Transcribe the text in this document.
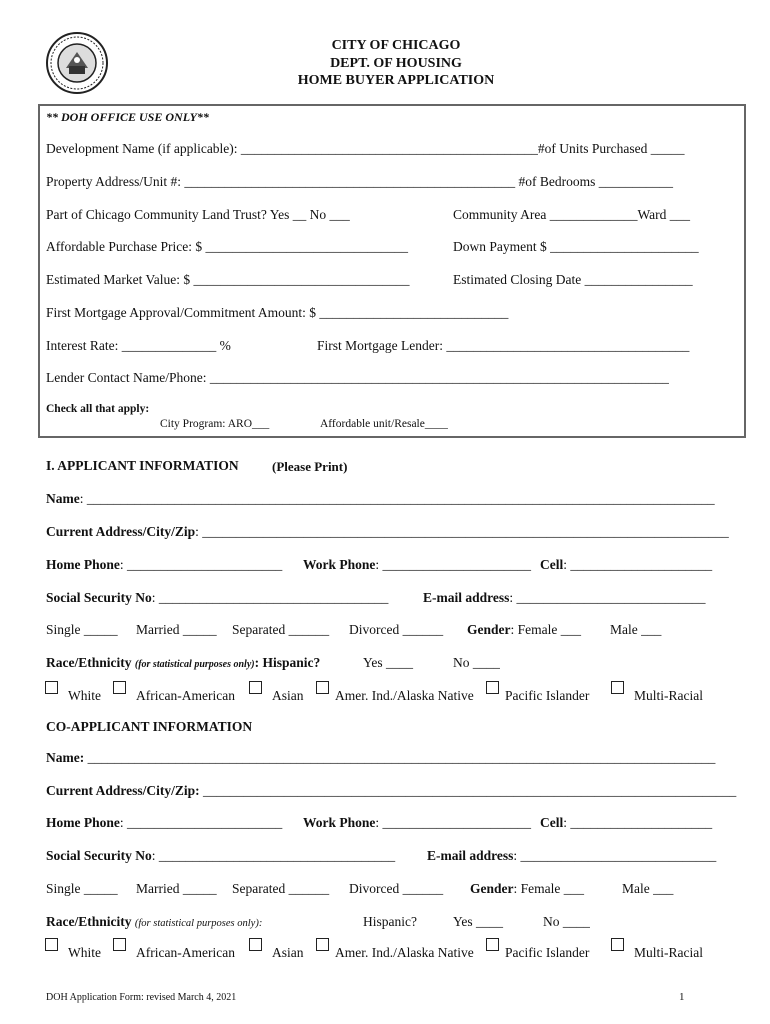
CITY OF CHICAGO
DEPT. OF HOUSING
HOME BUYER APPLICATION
** DOH OFFICE USE ONLY**
Development Name (if applicable): ____________________________________________#of Units Purchased _____
Property Address/Unit #: _________________________________________________ #of Bedrooms ___________
Part of Chicago Community Land Trust? Yes __ No ___	Community Area _____________Ward ___
Affordable Purchase Price: $ ______________________________	Down Payment $ ______________________
Estimated Market Value: $ ________________________________	Estimated Closing Date ________________
First Mortgage Approval/Commitment Amount: $ ____________________________
Interest Rate: ______________ %	First Mortgage Lender: ____________________________________
Lender Contact Name/Phone: ____________________________________________________________________
Check all that apply:
City Program: ARO___	Affordable unit/Resale____
I. APPLICANT INFORMATION	(Please Print)
Name: _____________________________________________________________________________________________
Current Address/City/Zip: ______________________________________________________________________________
Home Phone: _______________________ Work Phone: ______________________ Cell: _____________________
Social Security No: __________________________________	E-mail address: ____________________________
Single _____ Married _____ Separated ______ Divorced ______ Gender: Female ___ Male ___
Race/Ethnicity (for statistical purposes only): Hispanic?	Yes ____	No ____
White	African-American	Asian Amer. Ind./Alaska Native Pacific Islander	Multi-Racial
CO-APPLICANT INFORMATION
Name: _____________________________________________________________________________________________
Current Address/City/Zip: _______________________________________________________________________________
Home Phone: _______________________ Work Phone: ______________________ Cell: _____________________
Social Security No: ___________________________________ E-mail address: _____________________________
Single _____ Married _____ Separated ______ Divorced ______ Gender: Female ___	Male ___
Race/Ethnicity (for statistical purposes only):	Hispanic?	Yes ____	No ____
White	African-American	Asian Amer. Ind./Alaska Native Pacific Islander	Multi-Racial
DOH Application Form: revised March 4, 2021	1
